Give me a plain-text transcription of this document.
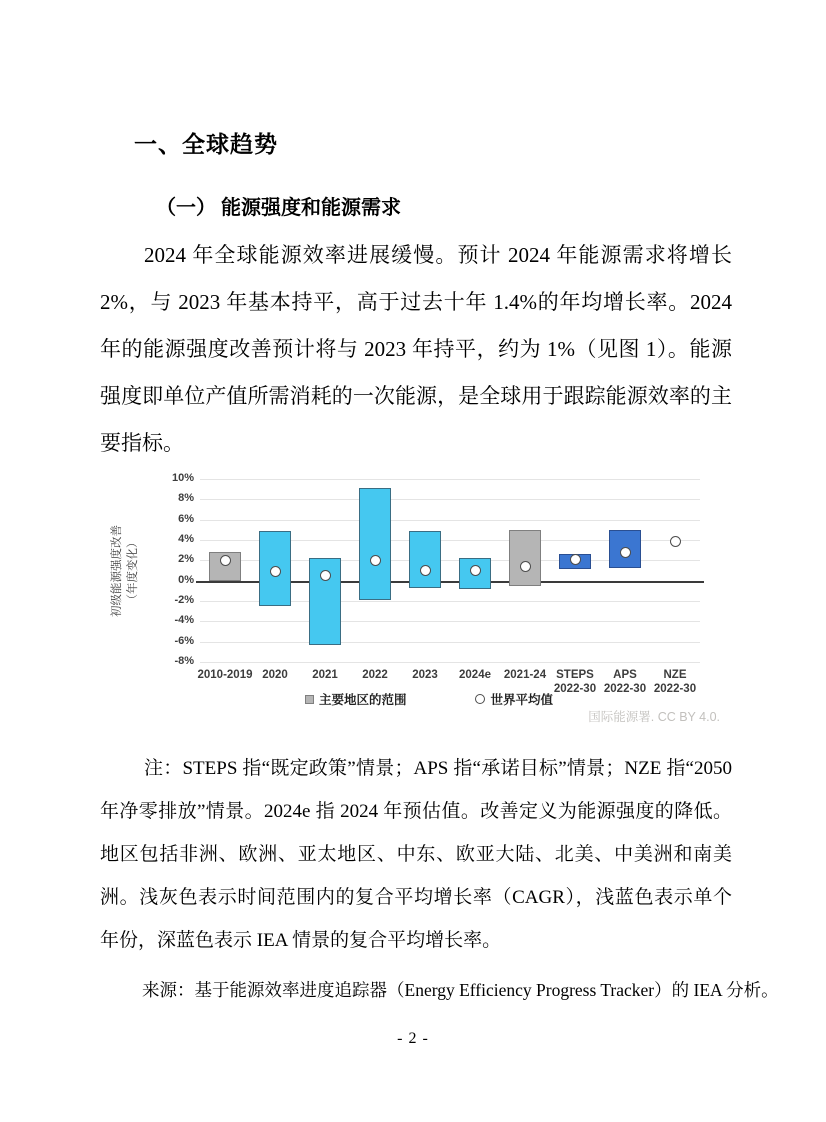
一、全球趋势
（一） 能源强度和能源需求

2024 年全球能源效率进展缓慢。预计 2024 年能源需求将增长 2%，与 2023 年基本持平，高于过去十年 1.4%的年均增长率。2024 年的能源强度改善预计将与 2023 年持平，约为 1%（见图 1）。能源强度即单位产值所需消耗的一次能源，是全球用于跟踪能源效率的主要指标。

初级能源强度改善 （年度变化）
-8%
-6%
-4%
-2%
0%
2%
4%
6%
8%
10%
2010-2019 2020 2021 2022 2023 2024e 2021-24 STEPS
2022-30
APS
2022-30
NZE
2022-30
主要地区的范围	世界平均值
国际能源署. CC BY 4.0.

注：STEPS 指“既定政策”情景；APS 指“承诺目标”情景；NZE 指“2050 年净零排放”情景。2024e 指 2024 年预估值。改善定义为能源强度的降低。地区包括非洲、欧洲、亚太地区、中东、欧亚大陆、北美、中美洲和南美洲。浅灰色表示时间范围内的复合平均增长率（CAGR），浅蓝色表示单个年份，深蓝色表示 IEA 情景的复合平均增长率。

来源：基于能源效率进度追踪器（Energy Efficiency Progress Tracker）的 IEA 分析。

- 2 -
